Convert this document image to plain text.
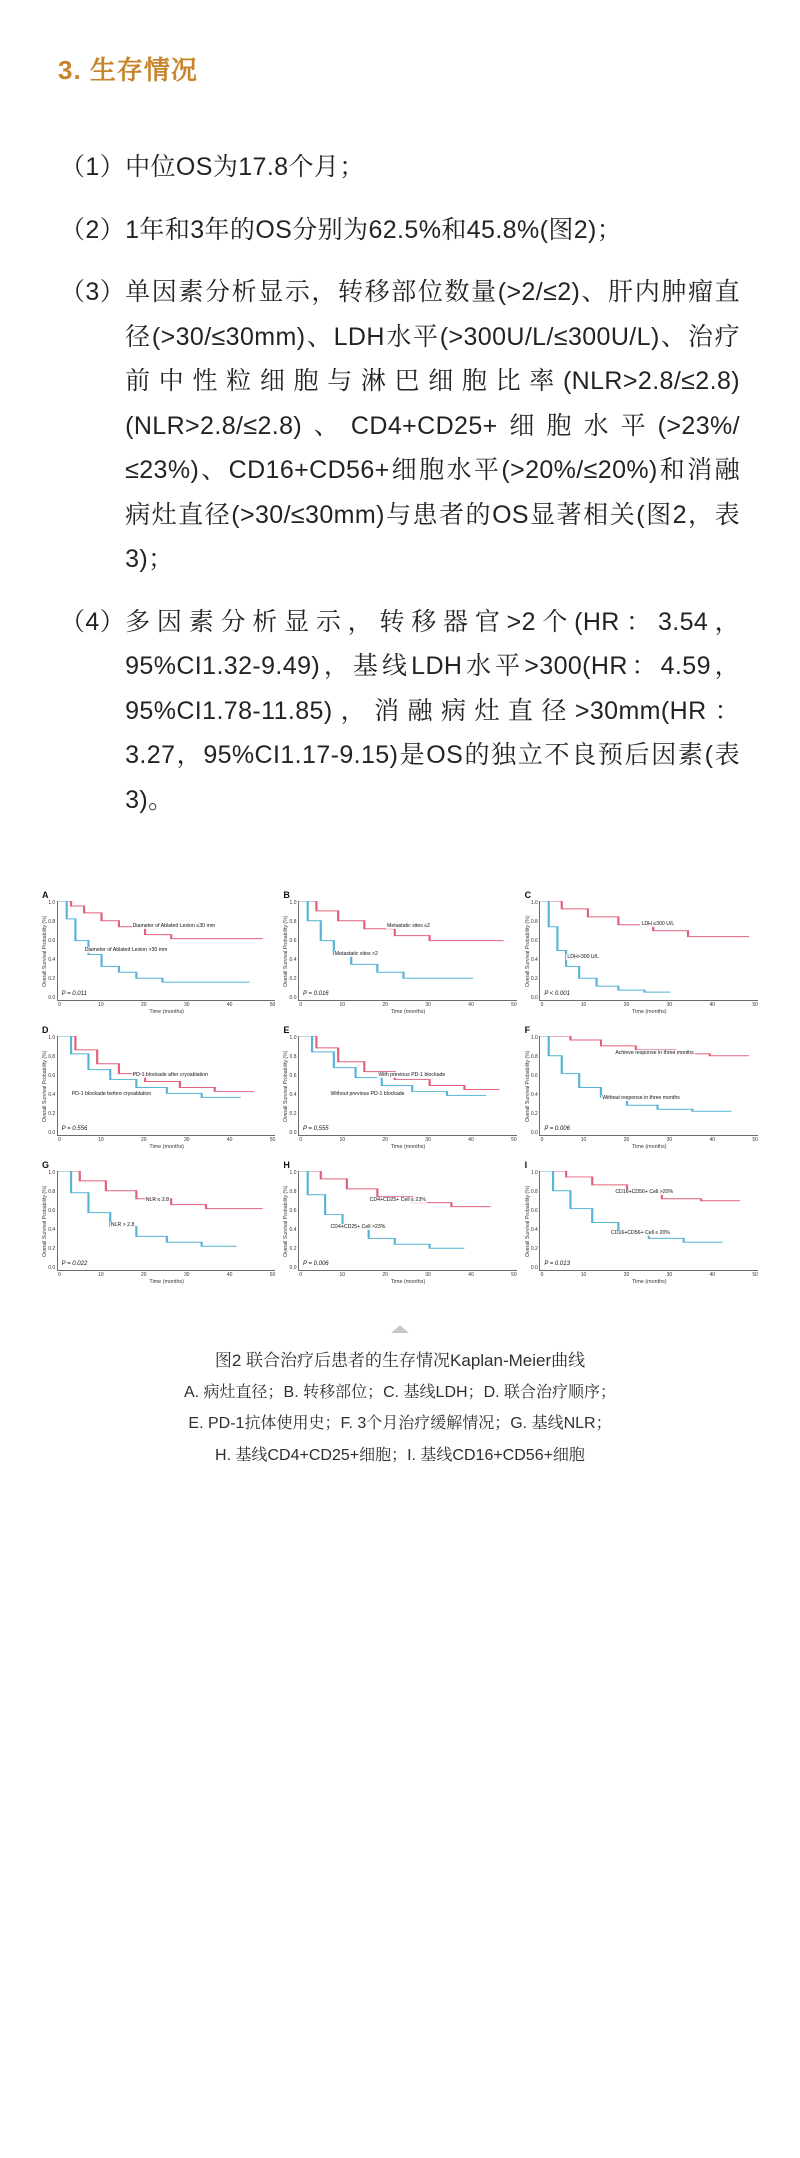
3. 生存情况
（1） 中位OS为17.8个月；
（2） 1年和3年的OS分别为62.5%和45.8%(图2)；
（3） 单因素分析显示，转移部位数量(>2/≤2)、肝内肿瘤直径(>30/≤30mm)、LDH水平(>300U/L/≤300U/L)、治疗前中性粒细胞与淋巴细胞比率(NLR>2.8/≤2.8)(NLR>2.8/≤2.8)、CD4+CD25+细胞水平(>23%/≤23%)、CD16+CD56+细胞水平(>20%/≤20%)和消融病灶直径(>30/≤30mm)与患者的OS显著相关(图2，表3)；
（4） 多因素分析显示，转移器官>2个(HR：3.54，95%CI1.32-9.49)，基线LDH水平>300(HR：4.59，95%CI1.78-11.85)，消融病灶直径>30mm(HR：3.27，95%CI1.17-9.15)是OS的独立不良预后因素(表3)。
A
Overall Survival Probability (%)
1.0
0.8
0.6
0.4
0.2
0.0
Diameter of Ablated Lesion ≤30 mm
Diameter of Ablated Lesion >30 mm
P = 0.011
0	10	20	30	40	50
Time (months)
B
Overall Survival Probability (%)
1.0
0.8
0.6
0.4
0.2
0.0
Metastatic sites ≤2
Metastatic sites >2
P = 0.016
0	10	20	30	40	50
Time (months)
C
Overall Survival Probability (%)
1.0
0.8
0.6
0.4
0.2
0.0
LDH ≤300 U/L
LDH>300 U/L
P < 0.001
0	10	20	30	40	50
Time (months)
D
Overall Survival Probability (%)
1.0
0.8
0.6
0.4
0.2
0.0
PD-1 blockade after cryoablation
PD-1 blockade before cryoablation
P = 0.556
0	10	20	30	40	50
Time (months)
E
Overall Survival Probability (%)
1.0
0.8
0.6
0.4
0.2
0.0
With previous PD-1 blockade
Without previous PD-1 blockade
P = 0.555
0	10	20	30	40	50
Time (months)
F
Overall Survival Probability (%)
1.0
0.8
0.6
0.4
0.2
0.0
Achieve response in three months
Without response in three months
P = 0.006
0	10	20	30	40	50
Time (months)
G
Overall Survival Probability (%)
1.0
0.8
0.6
0.4
0.2
0.0
NLR ≤ 2.8
NLR > 2.8
P = 0.022
0	10	20	30	40	50
Time (months)
H
Overall Survival Probability (%)
1.0
0.8
0.6
0.4
0.2
0.0
CD4+CD25+ Cell ≤ 23%
CD4+CD25+ Cell >23%
P = 0.006
0	10	20	30	40	50
Time (months)
I
Overall Survival Probability (%)
1.0
0.8
0.6
0.4
0.2
0.0
CD16+CD56+ Cell >20%
CD16+CD56+ Cell ≤ 20%
P = 0.013
0	10	20	30	40	50
Time (months)
图2 联合治疗后患者的生存情况Kaplan-Meier曲线
A. 病灶直径；B. 转移部位；C. 基线LDH；D. 联合治疗顺序；
E. PD-1抗体使用史；F. 3个月治疗缓解情况；G. 基线NLR；
H. 基线CD4+CD25+细胞；I. 基线CD16+CD56+细胞
